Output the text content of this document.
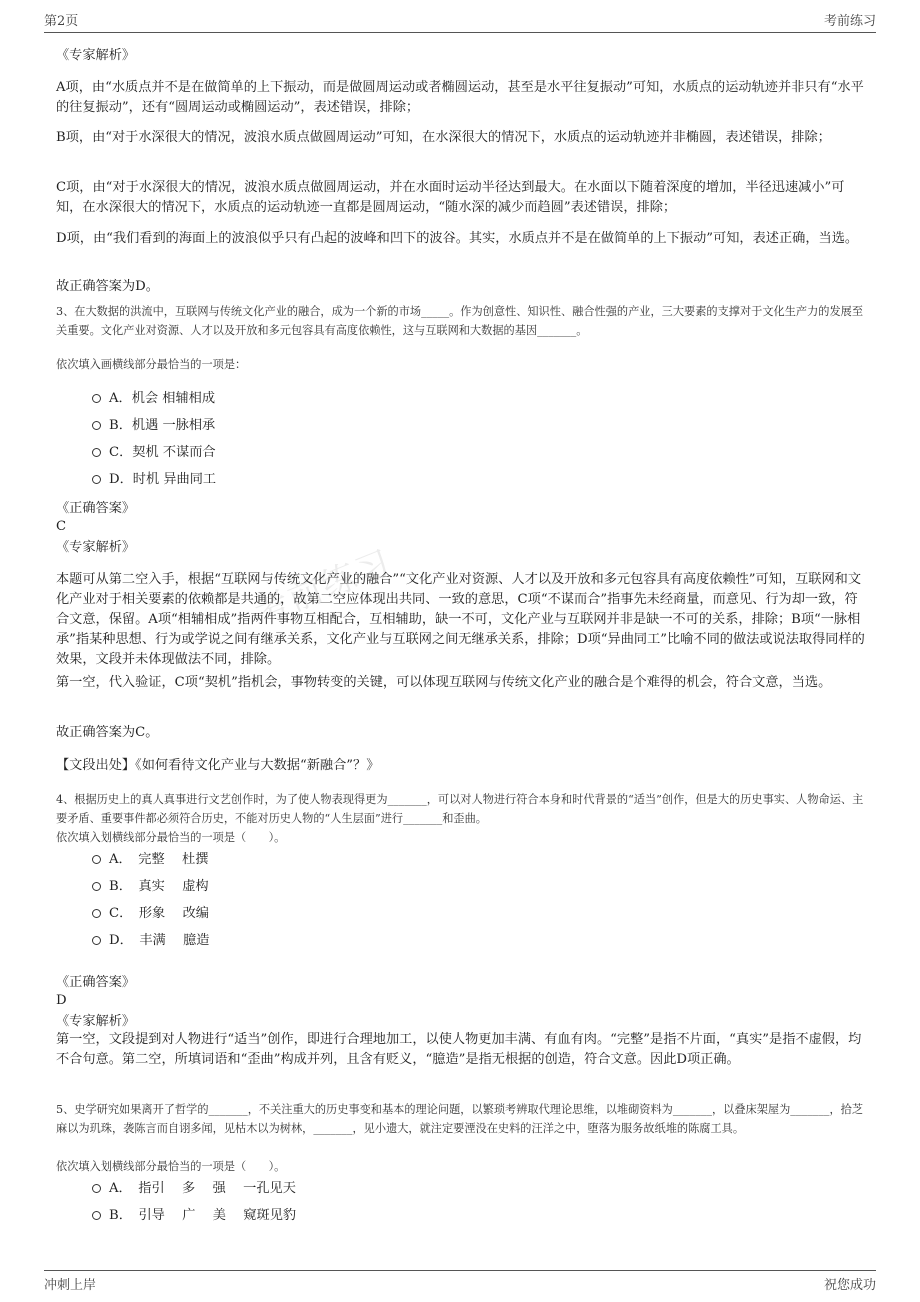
第2页	考前练习
考前练习
《专家解析》
A项，由“水质点并不是在做简单的上下振动，而是做圆周运动或者椭圆运动，甚至是水平往复振动”可知，水质点的运动轨迹并非只有“水平的往复振动”，还有“圆周运动或椭圆运动”，表述错误，排除；
B项，由“对于水深很大的情况，波浪水质点做圆周运动”可知，在水深很大的情况下，水质点的运动轨迹并非椭圆，表述错误，排除；
C项，由“对于水深很大的情况，波浪水质点做圆周运动，并在水面时运动半径达到最大。在水面以下随着深度的增加，半径迅速减小”可知，在水深很大的情况下，水质点的运动轨迹一直都是圆周运动，“随水深的减少而趋圆”表述错误，排除；
D项，由“我们看到的海面上的波浪似乎只有凸起的波峰和凹下的波谷。其实，水质点并不是在做简单的上下振动”可知，表述正确，当选。
故正确答案为D。
3、在大数据的洪流中，互联网与传统文化产业的融合，成为一个新的市场_____。作为创意性、知识性、融合性强的产业，三大要素的支撑对于文化生产力的发展至关重要。文化产业对资源、人才以及开放和多元包容具有高度依赖性，这与互联网和大数据的基因_______。
依次填入画横线部分最恰当的一项是：
A．机会 相辅相成
B．机遇 一脉相承
C．契机 不谋而合
D．时机 异曲同工
《正确答案》
C
《专家解析》
本题可从第二空入手，根据“互联网与传统文化产业的融合”“文化产业对资源、人才以及开放和多元包容具有高度依赖性”可知，互联网和文化产业对于相关要素的依赖都是共通的，故第二空应体现出共同、一致的意思，C项“不谋而合”指事先未经商量，而意见、行为却一致，符合文意，保留。A项“相辅相成”指两件事物互相配合，互相辅助，缺一不可，文化产业与互联网并非是缺一不可的关系，排除；B项“一脉相承”指某种思想、行为或学说之间有继承关系，文化产业与互联网之间无继承关系，排除；D项“异曲同工”比喻不同的做法或说法取得同样的效果，文段并未体现做法不同，排除。
第一空，代入验证，C项“契机”指机会，事物转变的关键，可以体现互联网与传统文化产业的融合是个难得的机会，符合文意，当选。
故正确答案为C。
【文段出处】《如何看待文化产业与大数据“新融合”？》
4、根据历史上的真人真事进行文艺创作时，为了使人物表现得更为_______，可以对人物进行符合本身和时代背景的“适当”创作，但是大的历史事实、人物命运、主要矛盾、重要事件都必须符合历史，不能对历史人物的“人生层面”进行_______和歪曲。
依次填入划横线部分最恰当的一项是（　　）。
A．　完整　 杜撰
B．　真实　 虚构
C．　形象　 改编
D．　丰满　 臆造
《正确答案》
D
《专家解析》
第一空，文段提到对人物进行“适当”创作，即进行合理地加工，以使人物更加丰满、有血有肉。“完整”是指不片面，“真实”是指不虚假，均不合句意。第二空，所填词语和“歪曲”构成并列，且含有贬义，“臆造”是指无根据的创造，符合文意。因此D项正确。
5、史学研究如果离开了哲学的_______，不关注重大的历史事变和基本的理论问题，以繁琐考辨取代理论思维，以堆砌资料为_______，以叠床架屋为_______，拾芝麻以为玑珠，袭陈言而自诩多闻，见枯木以为树林，_______，见小遗大，就注定要湮没在史料的汪洋之中，堕落为服务故纸堆的陈腐工具。
依次填入划横线部分最恰当的一项是（　　）。
A．　指引　 多　 强　 一孔见天
B．　引导　 广　 美　 窥斑见豹
冲刺上岸	祝您成功
